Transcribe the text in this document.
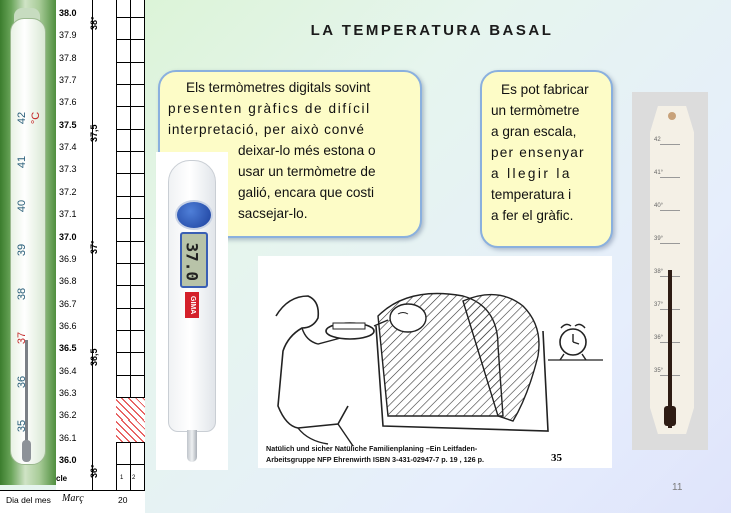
42
41
40
39
38
37
36
35
°C
38.0
37.9
37.8
37.7
37.6
37.5
37.4
37.3
37.2
37.1
37.0
36.9
36.8
36.7
36.6
36.5
36.4
36.3
36.2
36.1
36.0
38°
37,5
37°
36,5
36°
cle	1 2
Dia del mes Març	20
LA TEMPERATURA BASAL

Els termòmetres digitals sovint

presenten gràfics de difícil

interpretació, per això convé

deixar-lo més estona o

usar un termòmetre de

galió, encara que costi

sacsejar-lo.

Es pot fabricar

un termòmetre

a gran escala,

per ensenyar

a llegir la

temperatura i

a fer el gràfic.

37.0
GIMA
Natülich und sicher Natüliche Familienplaning –Ein Leitfaden-
Arbeitsgruppe NFP Ehrenwirth ISBN 3-431-02947-7 p. 19 , 126 p.	35
42
41°
40°
39°
38°
37°
36°
35°
11
